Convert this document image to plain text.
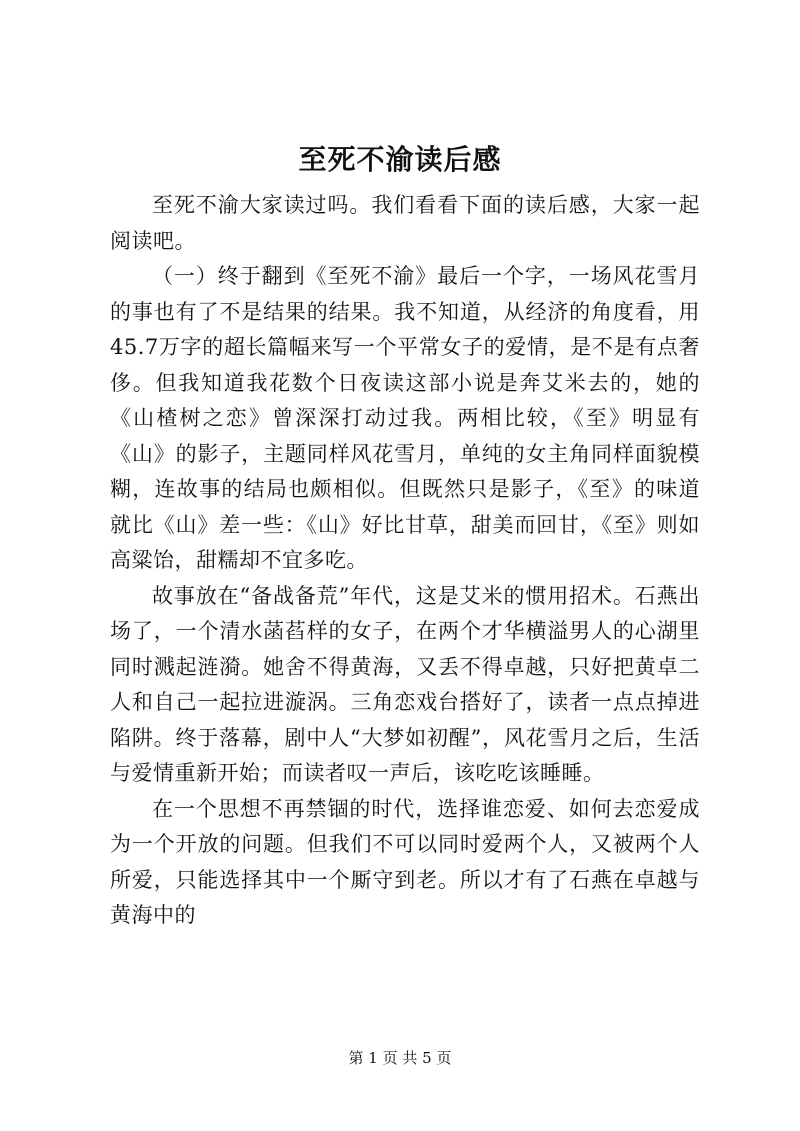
至死不渝读后感

至死不渝大家读过吗。我们看看下面的读后感，大家一起阅读吧。

（一）终于翻到《至死不渝》最后一个字，一场风花雪月的事也有了不是结果的结果。我不知道，从经济的角度看，用45.7万字的超长篇幅来写一个平常女子的爱情，是不是有点奢侈。但我知道我花数个日夜读这部小说是奔艾米去的，她的《山楂树之恋》曾深深打动过我。两相比较，《至》明显有《山》的影子，主题同样风花雪月，单纯的女主角同样面貌模糊，连故事的结局也颇相似。但既然只是影子，《至》的味道就比《山》差一些：《山》好比甘草，甜美而回甘，《至》则如高粱饴，甜糯却不宜多吃。

故事放在“备战备荒”年代，这是艾米的惯用招术。石燕出场了，一个清水菡萏样的女子，在两个才华横溢男人的心湖里同时溅起涟漪。她舍不得黄海，又丢不得卓越，只好把黄卓二人和自己一起拉进漩涡。三角恋戏台搭好了，读者一点点掉进陷阱。终于落幕，剧中人“大梦如初醒”，风花雪月之后，生活与爱情重新开始；而读者叹一声后，该吃吃该睡睡。

在一个思想不再禁锢的时代，选择谁恋爱、如何去恋爱成为一个开放的问题。但我们不可以同时爱两个人，又被两个人所爱，只能选择其中一个厮守到老。所以才有了石燕在卓越与黄海中的

第 1 页 共 5 页
